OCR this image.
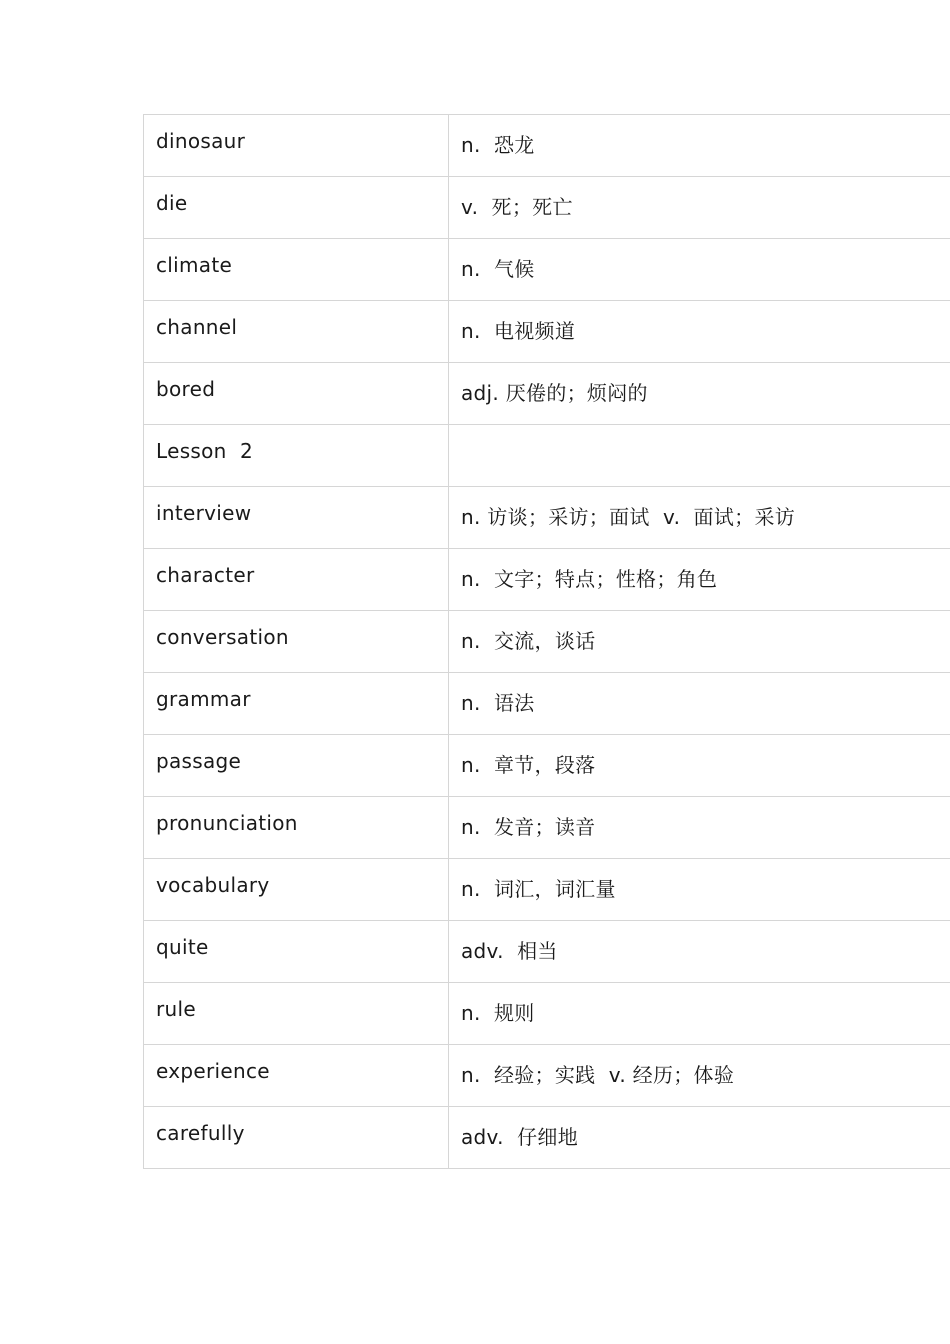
dinosaur	n.  恐龙
die	v.  死；死亡
climate	n.  气候
channel	n.  电视频道
bored	adj. 厌倦的；烦闷的
Lesson  2	
interview	n. 访谈；采访；面试  v.  面试；采访
character	n.  文字；特点；性格；角色
conversation	n.  交流，谈话
grammar	n.  语法
passage	n.  章节，段落
pronunciation	n.  发音；读音
vocabulary	n.  词汇，词汇量
quite	adv.  相当
rule	n.  规则
experience	n.  经验；实践  v. 经历；体验
carefully	adv.  仔细地
